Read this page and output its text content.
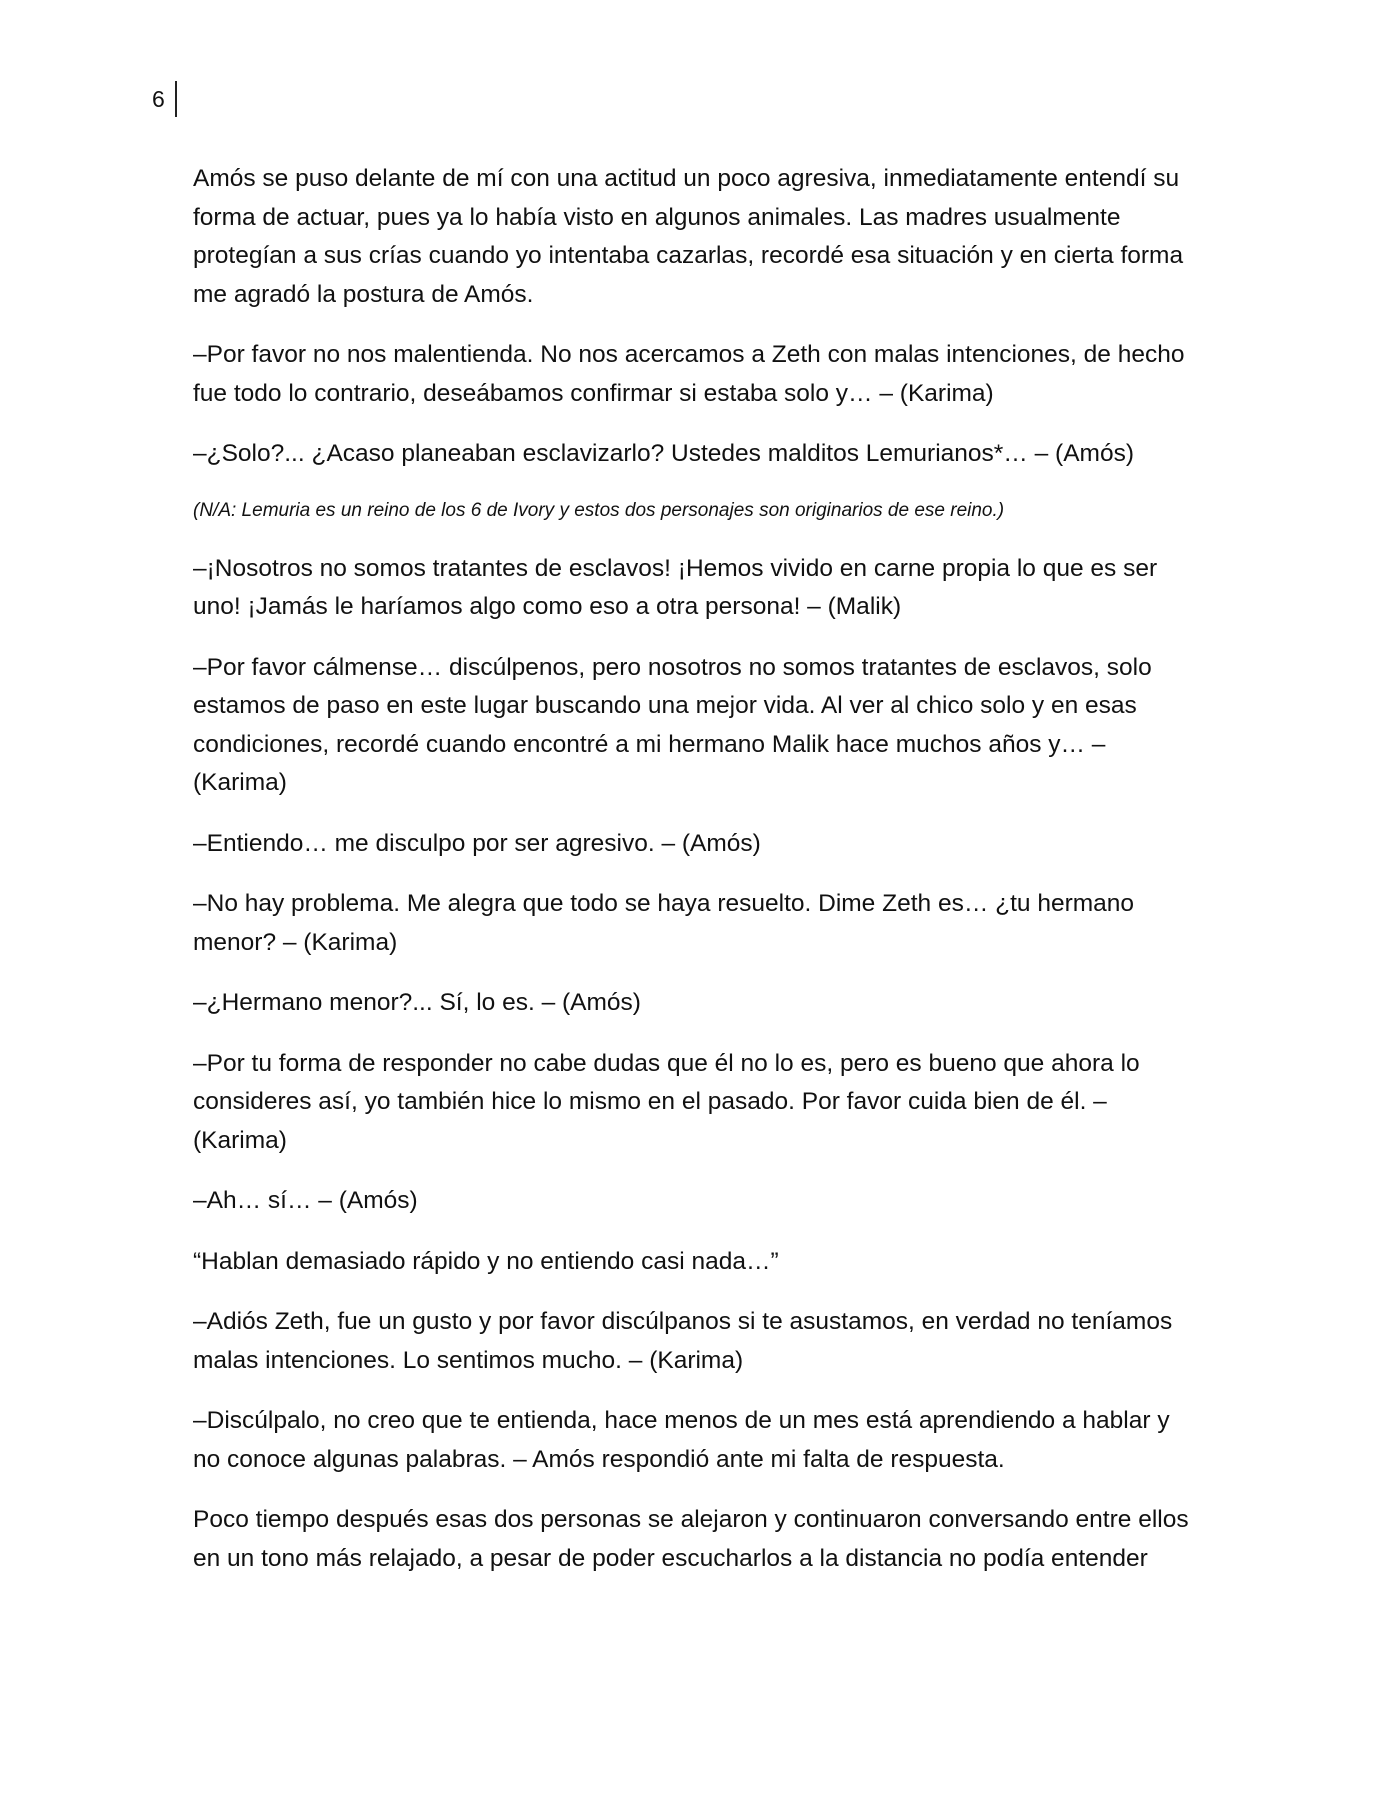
6

Amós se puso delante de mí con una actitud un poco agresiva, inmediatamente entendí su
forma de actuar, pues ya lo había visto en algunos animales. Las madres usualmente
protegían a sus crías cuando yo intentaba cazarlas, recordé esa situación y en cierta forma
me agradó la postura de Amós.

–Por favor no nos malentienda. No nos acercamos a Zeth con malas intenciones, de hecho
fue todo lo contrario, deseábamos confirmar si estaba solo y… – (Karima)

–¿Solo?... ¿Acaso planeaban esclavizarlo? Ustedes malditos Lemurianos*… – (Amós)

(N/A: Lemuria es un reino de los 6 de Ivory y estos dos personajes son originarios de ese reino.)

–¡Nosotros no somos tratantes de esclavos! ¡Hemos vivido en carne propia lo que es ser
uno! ¡Jamás le haríamos algo como eso a otra persona! – (Malik)

–Por favor cálmense… discúlpenos, pero nosotros no somos tratantes de esclavos, solo
estamos de paso en este lugar buscando una mejor vida. Al ver al chico solo y en esas
condiciones, recordé cuando encontré a mi hermano Malik hace muchos años y… –
(Karima)

–Entiendo… me disculpo por ser agresivo. – (Amós)

–No hay problema. Me alegra que todo se haya resuelto. Dime Zeth es… ¿tu hermano
menor? – (Karima)

–¿Hermano menor?... Sí, lo es. – (Amós)

–Por tu forma de responder no cabe dudas que él no lo es, pero es bueno que ahora lo
consideres así, yo también hice lo mismo en el pasado. Por favor cuida bien de él. –
(Karima)

–Ah… sí… – (Amós)

“Hablan demasiado rápido y no entiendo casi nada…”

–Adiós Zeth, fue un gusto y por favor discúlpanos si te asustamos, en verdad no teníamos
malas intenciones. Lo sentimos mucho. – (Karima)

–Discúlpalo, no creo que te entienda, hace menos de un mes está aprendiendo a hablar y
no conoce algunas palabras. – Amós respondió ante mi falta de respuesta.

Poco tiempo después esas dos personas se alejaron y continuaron conversando entre ellos
en un tono más relajado, a pesar de poder escucharlos a la distancia no podía entender
